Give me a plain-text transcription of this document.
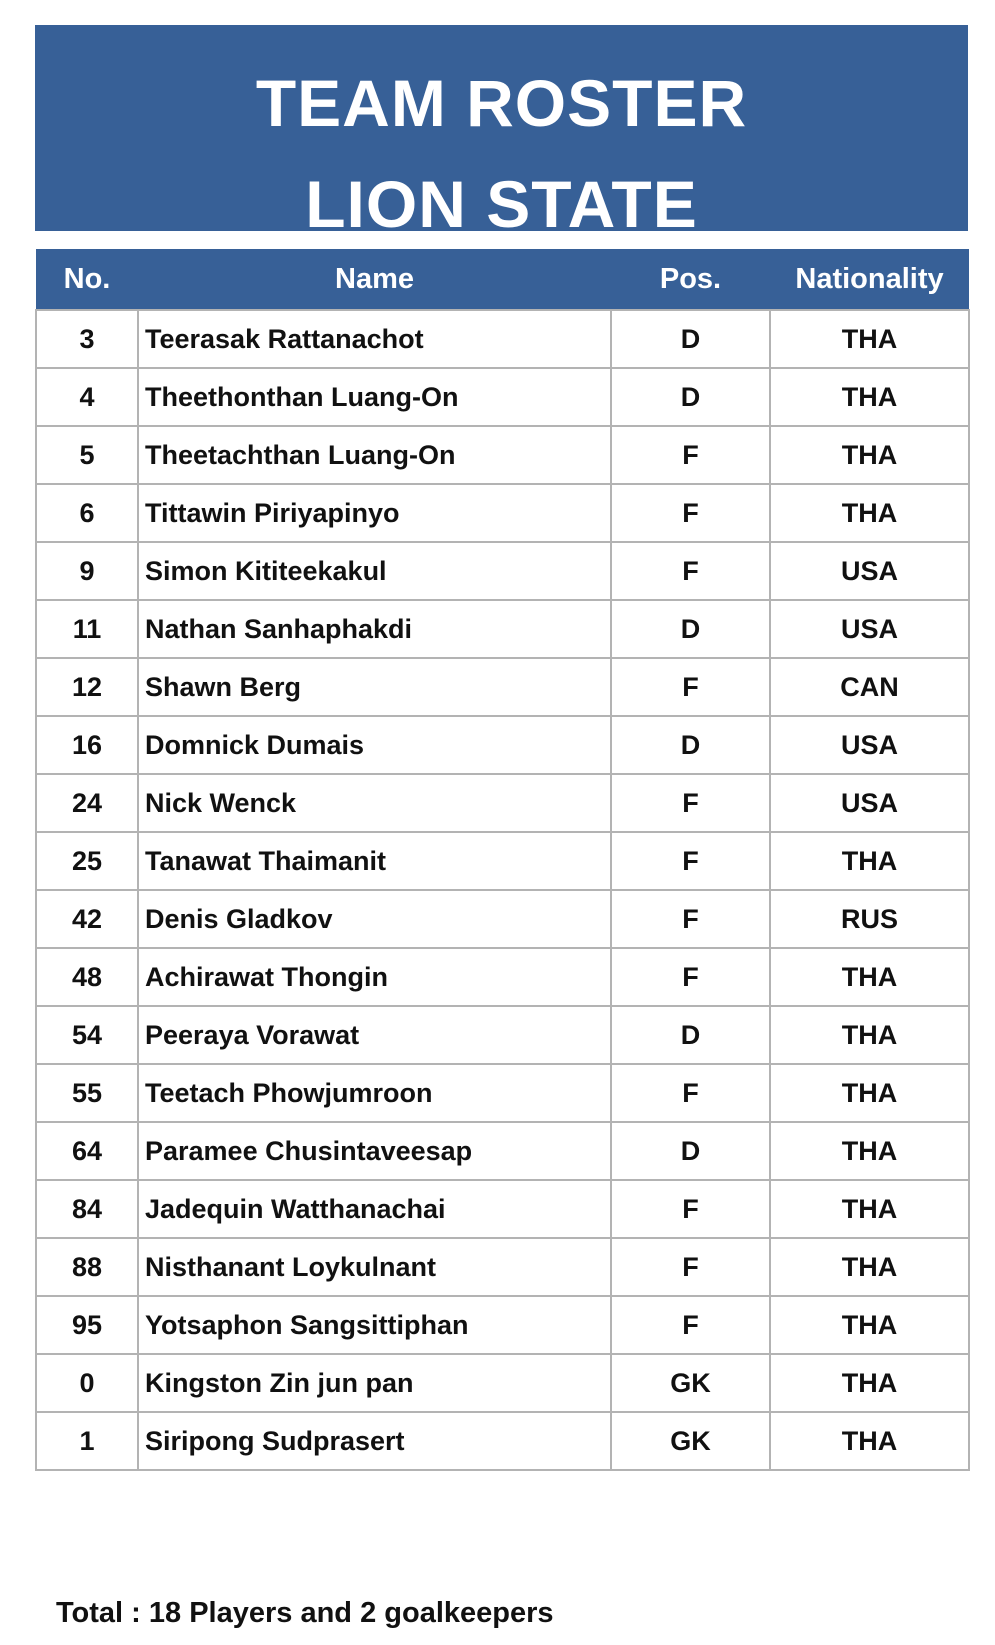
TEAM ROSTER
LION STATE
No.	Name	Pos.	Nationality
3	Teerasak Rattanachot	D	THA
4	Theethonthan Luang-On	D	THA
5	Theetachthan Luang-On	F	THA
6	Tittawin Piriyapinyo	F	THA
9	Simon Kititeekakul	F	USA
11	Nathan Sanhaphakdi	D	USA
12	Shawn Berg	F	CAN
16	Domnick Dumais	D	USA
24	Nick Wenck	F	USA
25	Tanawat Thaimanit	F	THA
42	Denis Gladkov	F	RUS
48	Achirawat Thongin	F	THA
54	Peeraya Vorawat	D	THA
55	Teetach Phowjumroon	F	THA
64	Paramee Chusintaveesap	D	THA
84	Jadequin Watthanachai	F	THA
88	Nisthanant Loykulnant	F	THA
95	Yotsaphon Sangsittiphan	F	THA
0	Kingston Zin jun pan	GK	THA
1	Siripong Sudprasert	GK	THA
Total : 18 Players and 2 goalkeepers
